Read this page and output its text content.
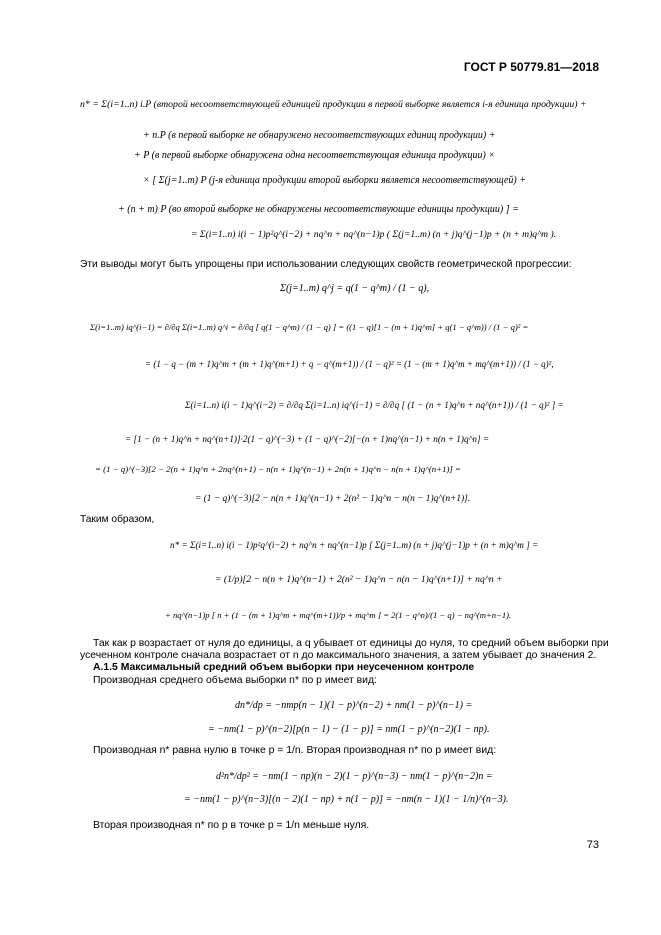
ГОСТ Р 50779.81—2018
n* = Σ(i=1..n) i.P (второй несоответствующей единицей продукции в первой выборке является i-я единица продукции) +
+ n.P (в первой выборке не обнаружено несоответствующих единиц продукции) +
+ P (в первой выборке обнаружена одна несоответствующая единица продукции) ×
× [ Σ(j=1..m) P (j-я единица продукции второй выборки является несоответствующей) +
+ (n + m) P (во второй выборке не обнаружены несоответствующие единицы продукции) ] =
= Σ(i=1..n) i(i − 1)p²q^(i−2) + nq^n + nq^(n−1)p ( Σ(j=1..m) (n + j)q^(j−1)p + (n + m)q^m ).
Эти выводы могут быть упрощены при использовании следующих свойств геометрической прогрессии:
Σ(j=1..m) q^j = q(1 − q^m) / (1 − q),
Σ(i=1..m) iq^(i−1) = ∂/∂q Σ(i=1..m) q^i = ∂/∂q [ q(1 − q^m) / (1 − q) ] = ((1 − q)[1 − (m + 1)q^m] + q(1 − q^m)) / (1 − q)² =
= (1 − q − (m + 1)q^m + (m + 1)q^(m+1) + q − q^(m+1)) / (1 − q)² = (1 − (m + 1)q^m + mq^(m+1)) / (1 − q)²,
Σ(i=1..n) i(i − 1)q^(i−2) = ∂/∂q Σ(i=1..n) iq^(i−1) = ∂/∂q [ (1 − (n + 1)q^n + nq^(n+1)) / (1 − q)² ] =
= [1 − (n + 1)q^n + nq^(n+1)]·2(1 − q)^(−3) + (1 − q)^(−2)[−(n + 1)nq^(n−1) + n(n + 1)q^n] =
= (1 − q)^(−3)[2 − 2(n + 1)q^n + 2nq^(n+1) − n(n + 1)q^(n−1) + 2n(n + 1)q^n − n(n + 1)q^(n+1)] =
= (1 − q)^(−3)[2 − n(n + 1)q^(n−1) + 2(n² − 1)q^n − n(n − 1)q^(n+1)].
Таким образом,
n* = Σ(i=1..n) i(i − 1)p²q^(i−2) + nq^n + nq^(n−1)p [ Σ(j=1..m) (n + j)q^(j−1)p + (n + m)q^m ] =
= (1/p)[2 − n(n + 1)q^(n−1) + 2(n² − 1)q^n − n(n − 1)q^(n+1)] + nq^n +
+ nq^(n−1)p [ n + (1 − (m + 1)q^m + mq^(m+1))/p + mq^m ] = 2(1 − q^n)/(1 − q) − nq^(m+n−1).
Так как p возрастает от нуля до единицы, а q убывает от единицы до нуля, то средний объем выборки при
усеченном контроле сначала возрастает от n до максимального значения, а затем убывает до значения 2.
A.1.5 Максимальный средний объем выборки при неусеченном контроле
Производная среднего объема выборки n* по p имеет вид:
dn*/dp = −nmp(n − 1)(1 − p)^(n−2) + nm(1 − p)^(n−1) =
= −nm(1 − p)^(n−2)[p(n − 1) − (1 − p)] = nm(1 − p)^(n−2)(1 − np).
Производная n* равна нулю в точке p = 1/n. Вторая производная n* по p имеет вид:
d²n*/dp² = −nm(1 − np)(n − 2)(1 − p)^(n−3) − nm(1 − p)^(n−2)n =
= −nm(1 − p)^(n−3)[(n − 2)(1 − np) + n(1 − p)] = −nm(n − 1)(1 − 1/n)^(n−3).
Вторая производная n* по p в точке p = 1/n меньше нуля.
73
